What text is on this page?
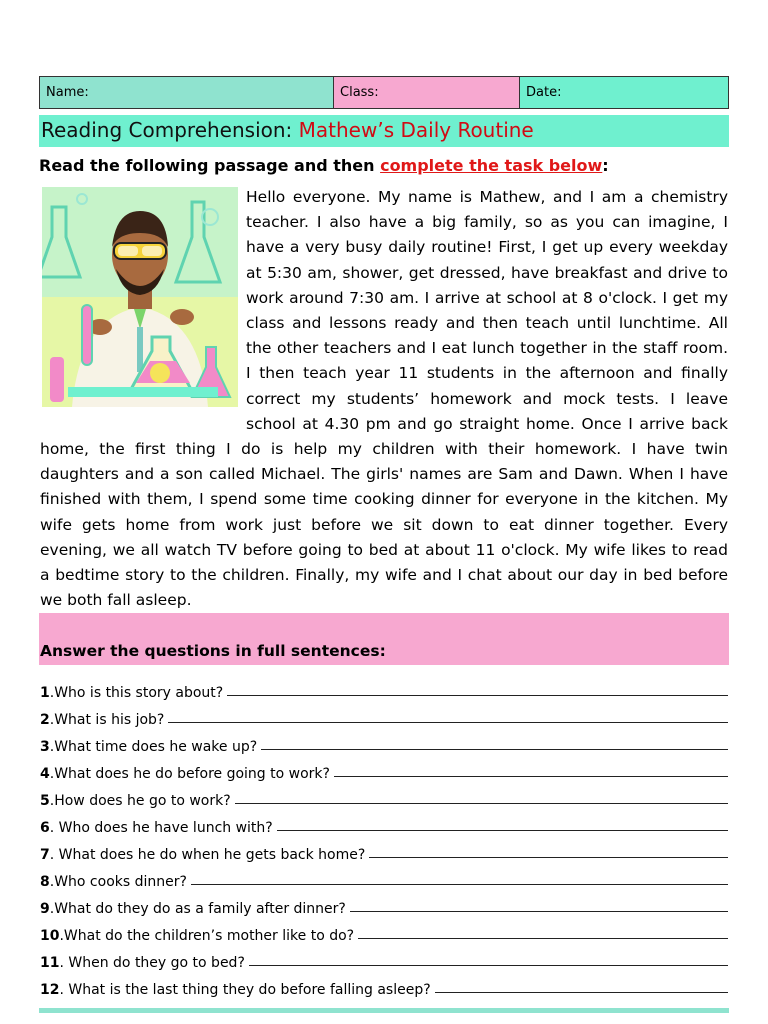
Name:	Class:	Date:
Reading Comprehension: Mathew’s Daily Routine
Read the following passage and then complete the task below:
Hello everyone. My name is Mathew, and I am a chemistry teacher. I also have a big family, so as you can imagine, I have a very busy daily routine! First, I get up every weekday at 5:30 am, shower, get dressed, have breakfast and drive to work around 7:30 am. I arrive at school at 8 o'clock. I get my class and lessons ready and then teach until lunchtime. All the other teachers and I eat lunch together in the staff room. I then teach year 11 students in the afternoon and finally correct my students’ homework and mock tests. I leave school at 4.30 pm and go straight home. Once I arrive back home, the first thing I do is help my children with their homework. I have twin daughters and a son called Michael. The girls' names are Sam and Dawn. When I have finished with them, I spend some time cooking dinner for everyone in the kitchen. My wife gets home from work just before we sit down to eat dinner together. Every evening, we all watch TV before going to bed at about 11 o'clock. My wife likes to read a bedtime story to the children. Finally, my wife and I chat about our day in bed before we both fall asleep.
Answer the questions in full sentences:
1 .Who is this story about?
2 .What is his job?
3 .What time does he wake up?
4 .What does he do before going to work?
5 .How does he go to work?
6 . Who does he have lunch with?
7 . What does he do when he gets back home?
8 .Who cooks dinner?
9 .What do they do as a family after dinner?
10 .What do the children’s mother like to do?
11 . When do they go to bed?
12 . What is the last thing they do before falling asleep?
